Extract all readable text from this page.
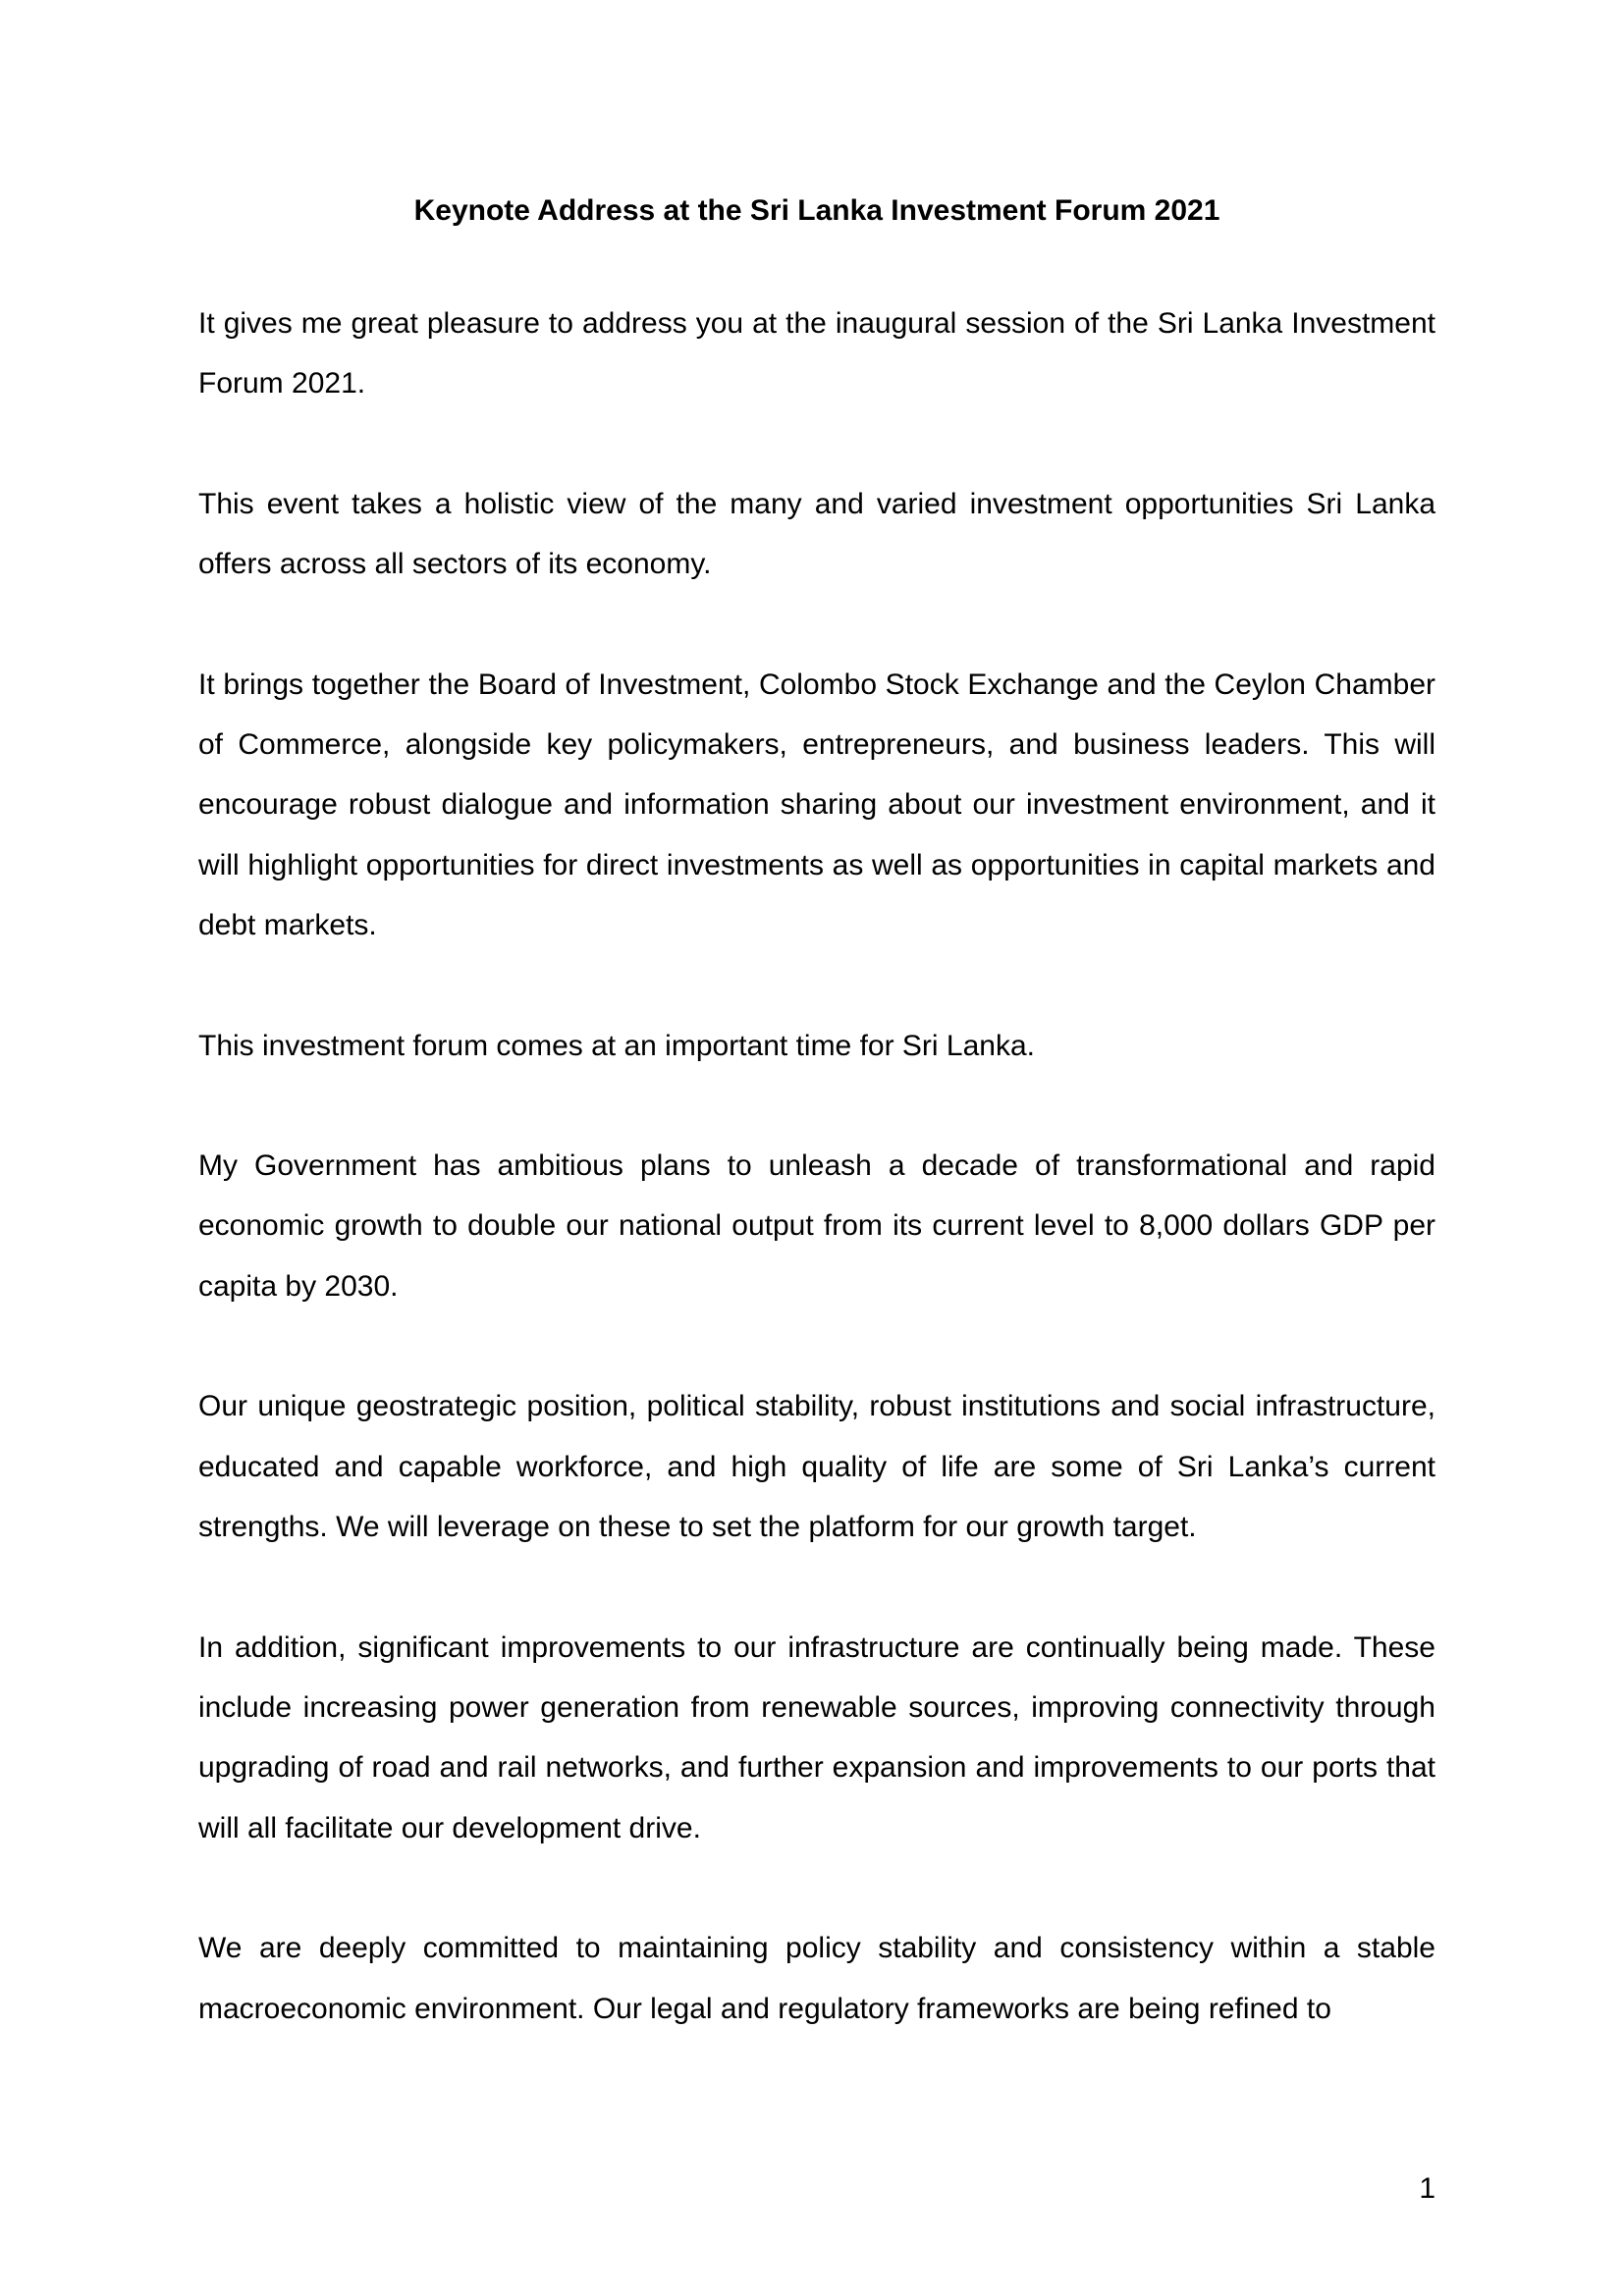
Keynote Address at the Sri Lanka Investment Forum 2021

It gives me great pleasure to address you at the inaugural session of the Sri Lanka Investment Forum 2021.

This event takes a holistic view of the many and varied investment opportunities Sri Lanka offers across all sectors of its economy.

It brings together the Board of Investment, Colombo Stock Exchange and the Ceylon Chamber of Commerce, alongside key policymakers, entrepreneurs, and business leaders. This will encourage robust dialogue and information sharing about our investment environment, and it will highlight opportunities for direct investments as well as opportunities in capital markets and debt markets.

This investment forum comes at an important time for Sri Lanka.

My Government has ambitious plans to unleash a decade of transformational and rapid economic growth to double our national output from its current level to 8,000 dollars GDP per capita by 2030.

Our unique geostrategic position, political stability, robust institutions and social infrastructure, educated and capable workforce, and high quality of life are some of Sri Lanka’s current strengths. We will leverage on these to set the platform for our growth target.

In addition, significant improvements to our infrastructure are continually being made. These include increasing power generation from renewable sources, improving connectivity through upgrading of road and rail networks, and further expansion and improvements to our ports that will all facilitate our development drive.

We are deeply committed to maintaining policy stability and consistency within a stable macroeconomic environment. Our legal and regulatory frameworks are being refined to

1
